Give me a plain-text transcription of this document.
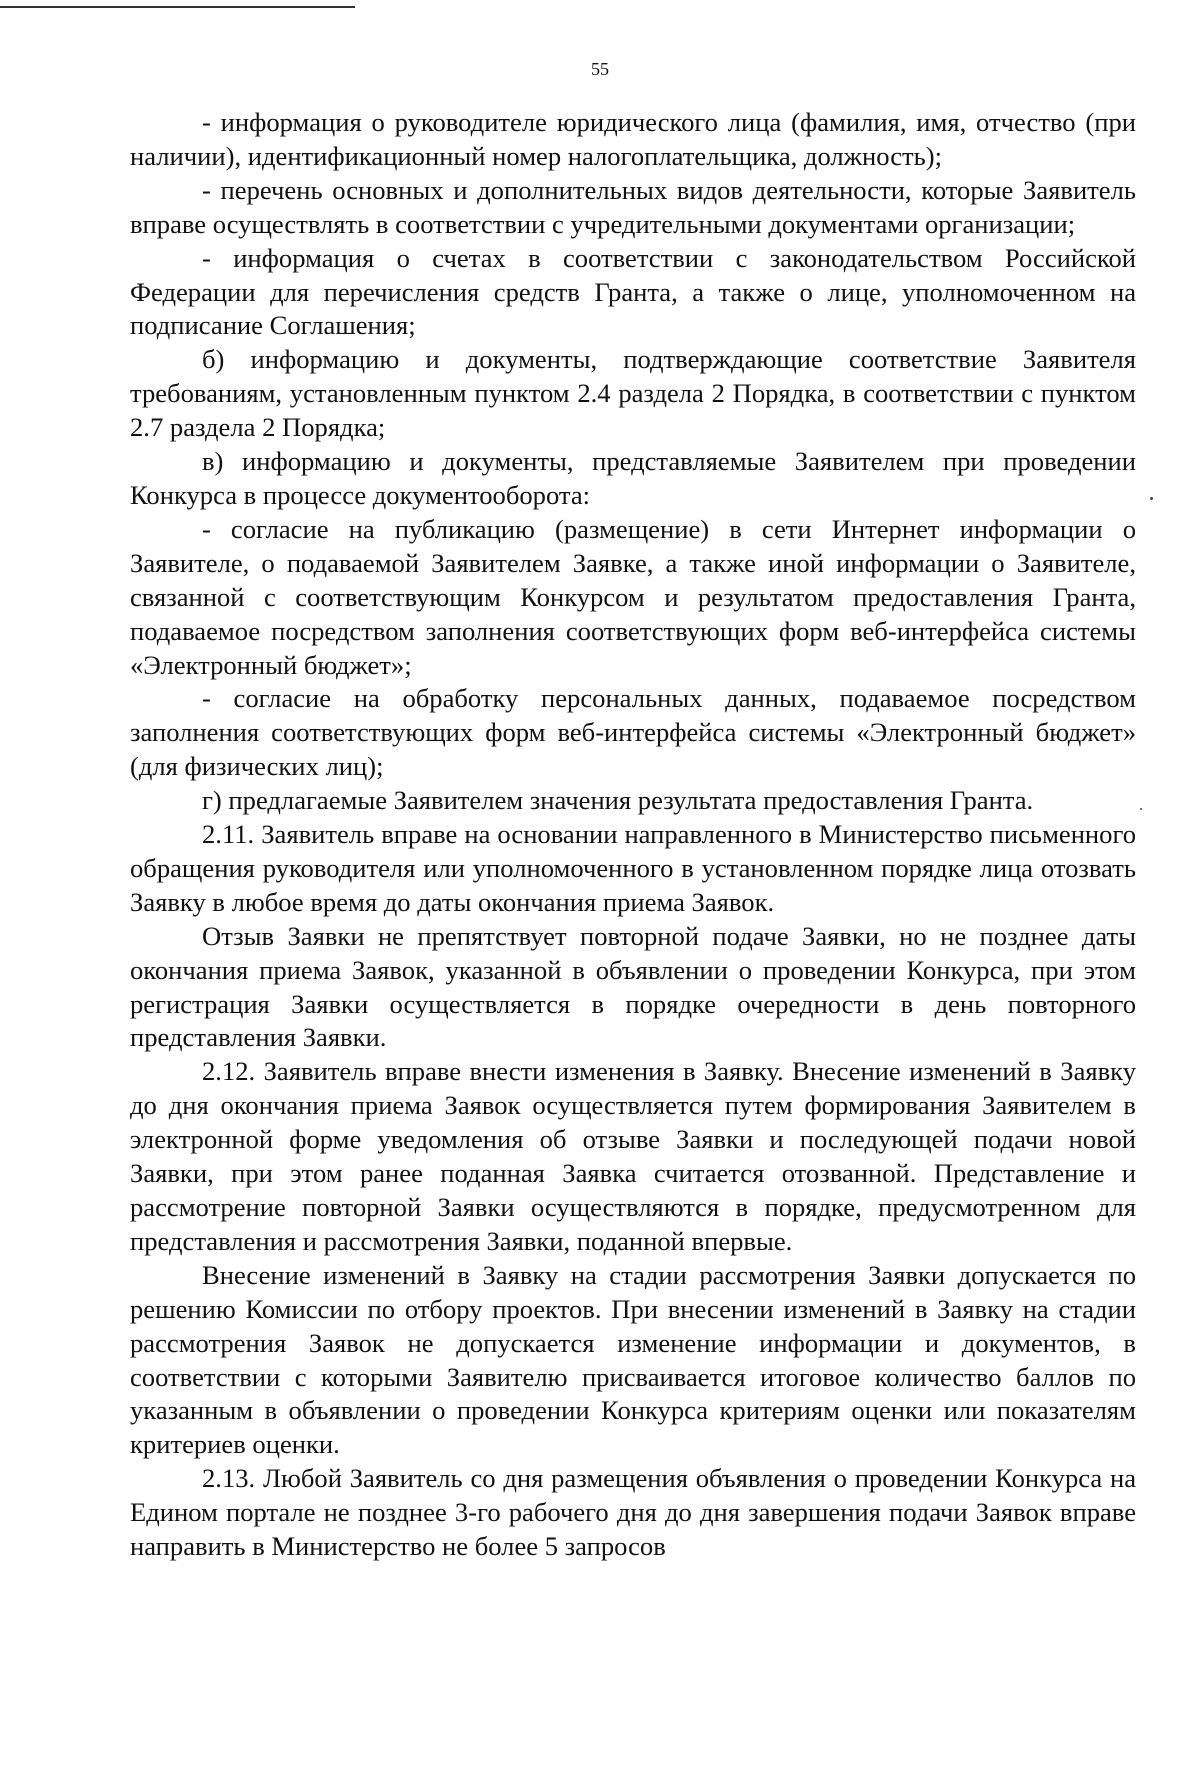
55

- информация о руководителе юридического лица (фамилия, имя, отчество (при наличии), идентификационный номер налогоплательщика, должность);

- перечень основных и дополнительных видов деятельности, которые Заявитель вправе осуществлять в соответствии с учредительными документами организации;

- информация о счетах в соответствии с законодательством Российской Федерации для перечисления средств Гранта, а также о лице, уполномоченном на подписание Соглашения;

б) информацию и документы, подтверждающие соответствие Заявителя требованиям, установленным пунктом 2.4 раздела 2 Порядка, в соответствии с пунктом 2.7 раздела 2 Порядка;

в) информацию и документы, представляемые Заявителем при проведении Конкурса в процессе документооборота:

- согласие на публикацию (размещение) в сети Интернет информации о Заявителе, о подаваемой Заявителем Заявке, а также иной информации о Заявителе, связанной с соответствующим Конкурсом и результатом предоставления Гранта, подаваемое посредством заполнения соответствующих форм веб-интерфейса системы «Электронный бюджет»;

- согласие на обработку персональных данных, подаваемое посредством заполнения соответствующих форм веб-интерфейса системы «Электронный бюджет» (для физических лиц);

г) предлагаемые Заявителем значения результата предоставления Гранта.

2.11. Заявитель вправе на основании направленного в Министерство письменного обращения руководителя или уполномоченного в установленном порядке лица отозвать Заявку в любое время до даты окончания приема Заявок.

Отзыв Заявки не препятствует повторной подаче Заявки, но не позднее даты окончания приема Заявок, указанной в объявлении о проведении Конкурса, при этом регистрация Заявки осуществляется в порядке очередности в день повторного представления Заявки.

2.12. Заявитель вправе внести изменения в Заявку. Внесение изменений в Заявку до дня окончания приема Заявок осуществляется путем формирования Заявителем в электронной форме уведомления об отзыве Заявки и последующей подачи новой Заявки, при этом ранее поданная Заявка считается отозванной. Представление и рассмотрение повторной Заявки осуществляются в порядке, предусмотренном для представления и рассмотрения Заявки, поданной впервые.

Внесение изменений в Заявку на стадии рассмотрения Заявки допускается по решению Комиссии по отбору проектов. При внесении изменений в Заявку на стадии рассмотрения Заявок не допускается изменение информации и документов, в соответствии с которыми Заявителю присваивается итоговое количество баллов по указанным в объявлении о проведении Конкурса критериям оценки или показателям критериев оценки.

2.13. Любой Заявитель со дня размещения объявления о проведении Конкурса на Едином портале не позднее 3-го рабочего дня до дня завершения подачи Заявок вправе направить в Министерство не более 5 запросов
